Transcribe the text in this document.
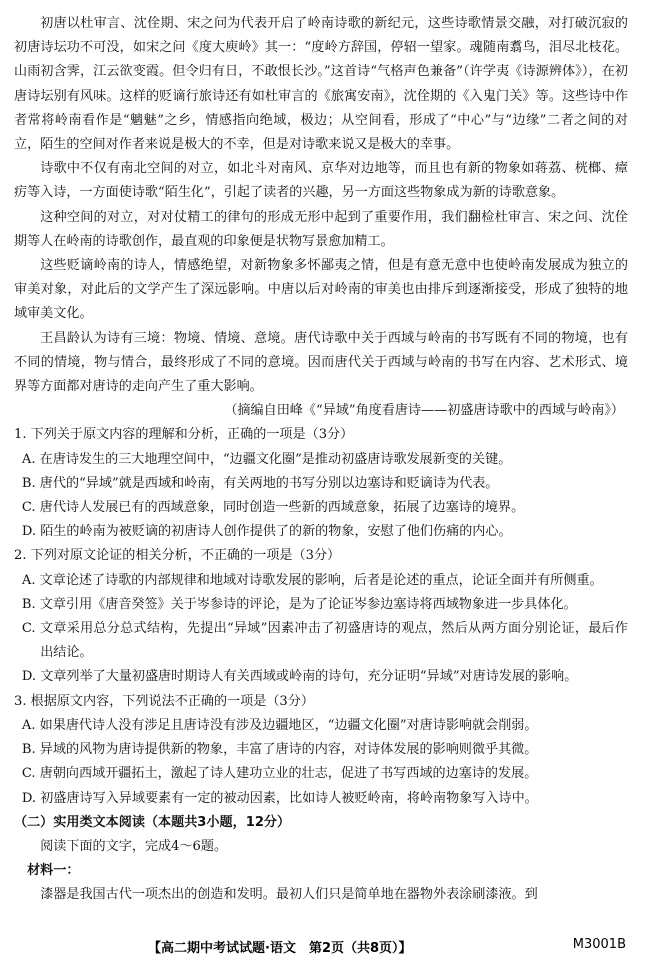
初唐以杜审言、沈佺期、宋之问为代表开启了岭南诗歌的新纪元，这些诗歌情景交融，对打破沉寂的初唐诗坛功不可没，如宋之问《度大庾岭》其一：“度岭方辞国，停轺一望家。魂随南翥鸟，泪尽北枝花。山雨初含霁，江云欲变霞。但令归有日，不敢恨长沙。”这首诗“气格声色兼备”（许学夷《诗源辨体》），在初唐诗坛别有风味。这样的贬谪行旅诗还有如杜审言的《旅寓安南》，沈佺期的《入鬼门关》等。这些诗中作者常将岭南看作是“魑魅”之乡，情感指向绝域，极边；从空间看，形成了“中心”与“边缘”二者之间的对立，陌生的空间对作者来说是极大的不幸，但是对诗歌来说又是极大的幸事。

诗歌中不仅有南北空间的对立，如北斗对南风、京华对边地等，而且也有新的物象如蒋荔、桄榔、瘴疠等入诗，一方面使诗歌“陌生化”，引起了读者的兴趣，另一方面这些物象成为新的诗歌意象。

这种空间的对立，对对仗精工的律句的形成无形中起到了重要作用，我们翻检杜审言、宋之问、沈佺期等人在岭南的诗歌创作，最直观的印象便是状物写景愈加精工。

这些贬谪岭南的诗人，情感绝望，对新物象多怀鄙夷之情，但是有意无意中也使岭南发展成为独立的审美对象，对此后的文学产生了深远影响。中唐以后对岭南的审美也由排斥到逐渐接受，形成了独特的地域审美文化。

王昌龄认为诗有三境：物境、情境、意境。唐代诗歌中关于西域与岭南的书写既有不同的物境，也有不同的情境，物与情合，最终形成了不同的意境。因而唐代关于西域与岭南的书写在内容、艺术形式、境界等方面都对唐诗的走向产生了重大影响。

（摘编自田峰《“异域”角度看唐诗——初盛唐诗歌中的西域与岭南》）

1. 下列关于原文内容的理解和分析，正确的一项是（3分）

A. 在唐诗发生的三大地理空间中，“边疆文化圈”是推动初盛唐诗歌发展新变的关键。

B. 唐代的“异域”就是西域和岭南，有关两地的书写分别以边塞诗和贬谪诗为代表。

C. 唐代诗人发展已有的西域意象，同时创造一些新的西域意象，拓展了边塞诗的境界。

D. 陌生的岭南为被贬谪的初唐诗人创作提供了的新的物象，安慰了他们伤痛的内心。

2. 下列对原文论证的相关分析，不正确的一项是（3分）

A. 文章论述了诗歌的内部规律和地域对诗歌发展的影响，后者是论述的重点，论证全面并有所侧重。

B. 文章引用《唐音癸签》关于岑参诗的评论，是为了论证岑参边塞诗将西域物象进一步具体化。

C. 文章采用总分总式结构，先提出“异域”因素冲击了初盛唐诗的观点，然后从两方面分别论证，最后作出结论。

D. 文章列举了大量初盛唐时期诗人有关西域或岭南的诗句，充分证明“异域”对唐诗发展的影响。

3. 根据原文内容，下列说法不正确的一项是（3分）

A. 如果唐代诗人没有涉足且唐诗没有涉及边疆地区，“边疆文化圈”对唐诗影响就会削弱。

B. 异域的风物为唐诗提供新的物象，丰富了唐诗的内容，对诗体发展的影响则微乎其微。

C. 唐朝向西域开疆拓土，激起了诗人建功立业的壮志，促进了书写西域的边塞诗的发展。

D. 初盛唐诗写入异域要素有一定的被动因素，比如诗人被贬岭南，将岭南物象写入诗中。

（二）实用类文本阅读（本题共3小题，12分）

阅读下面的文字，完成4～6题。

材料一：

漆器是我国古代一项杰出的创造和发明。最初人们只是简单地在器物外表涂刷漆液。到

【高二期中考试试题·语文　第2页（共8页）】	M3001B
